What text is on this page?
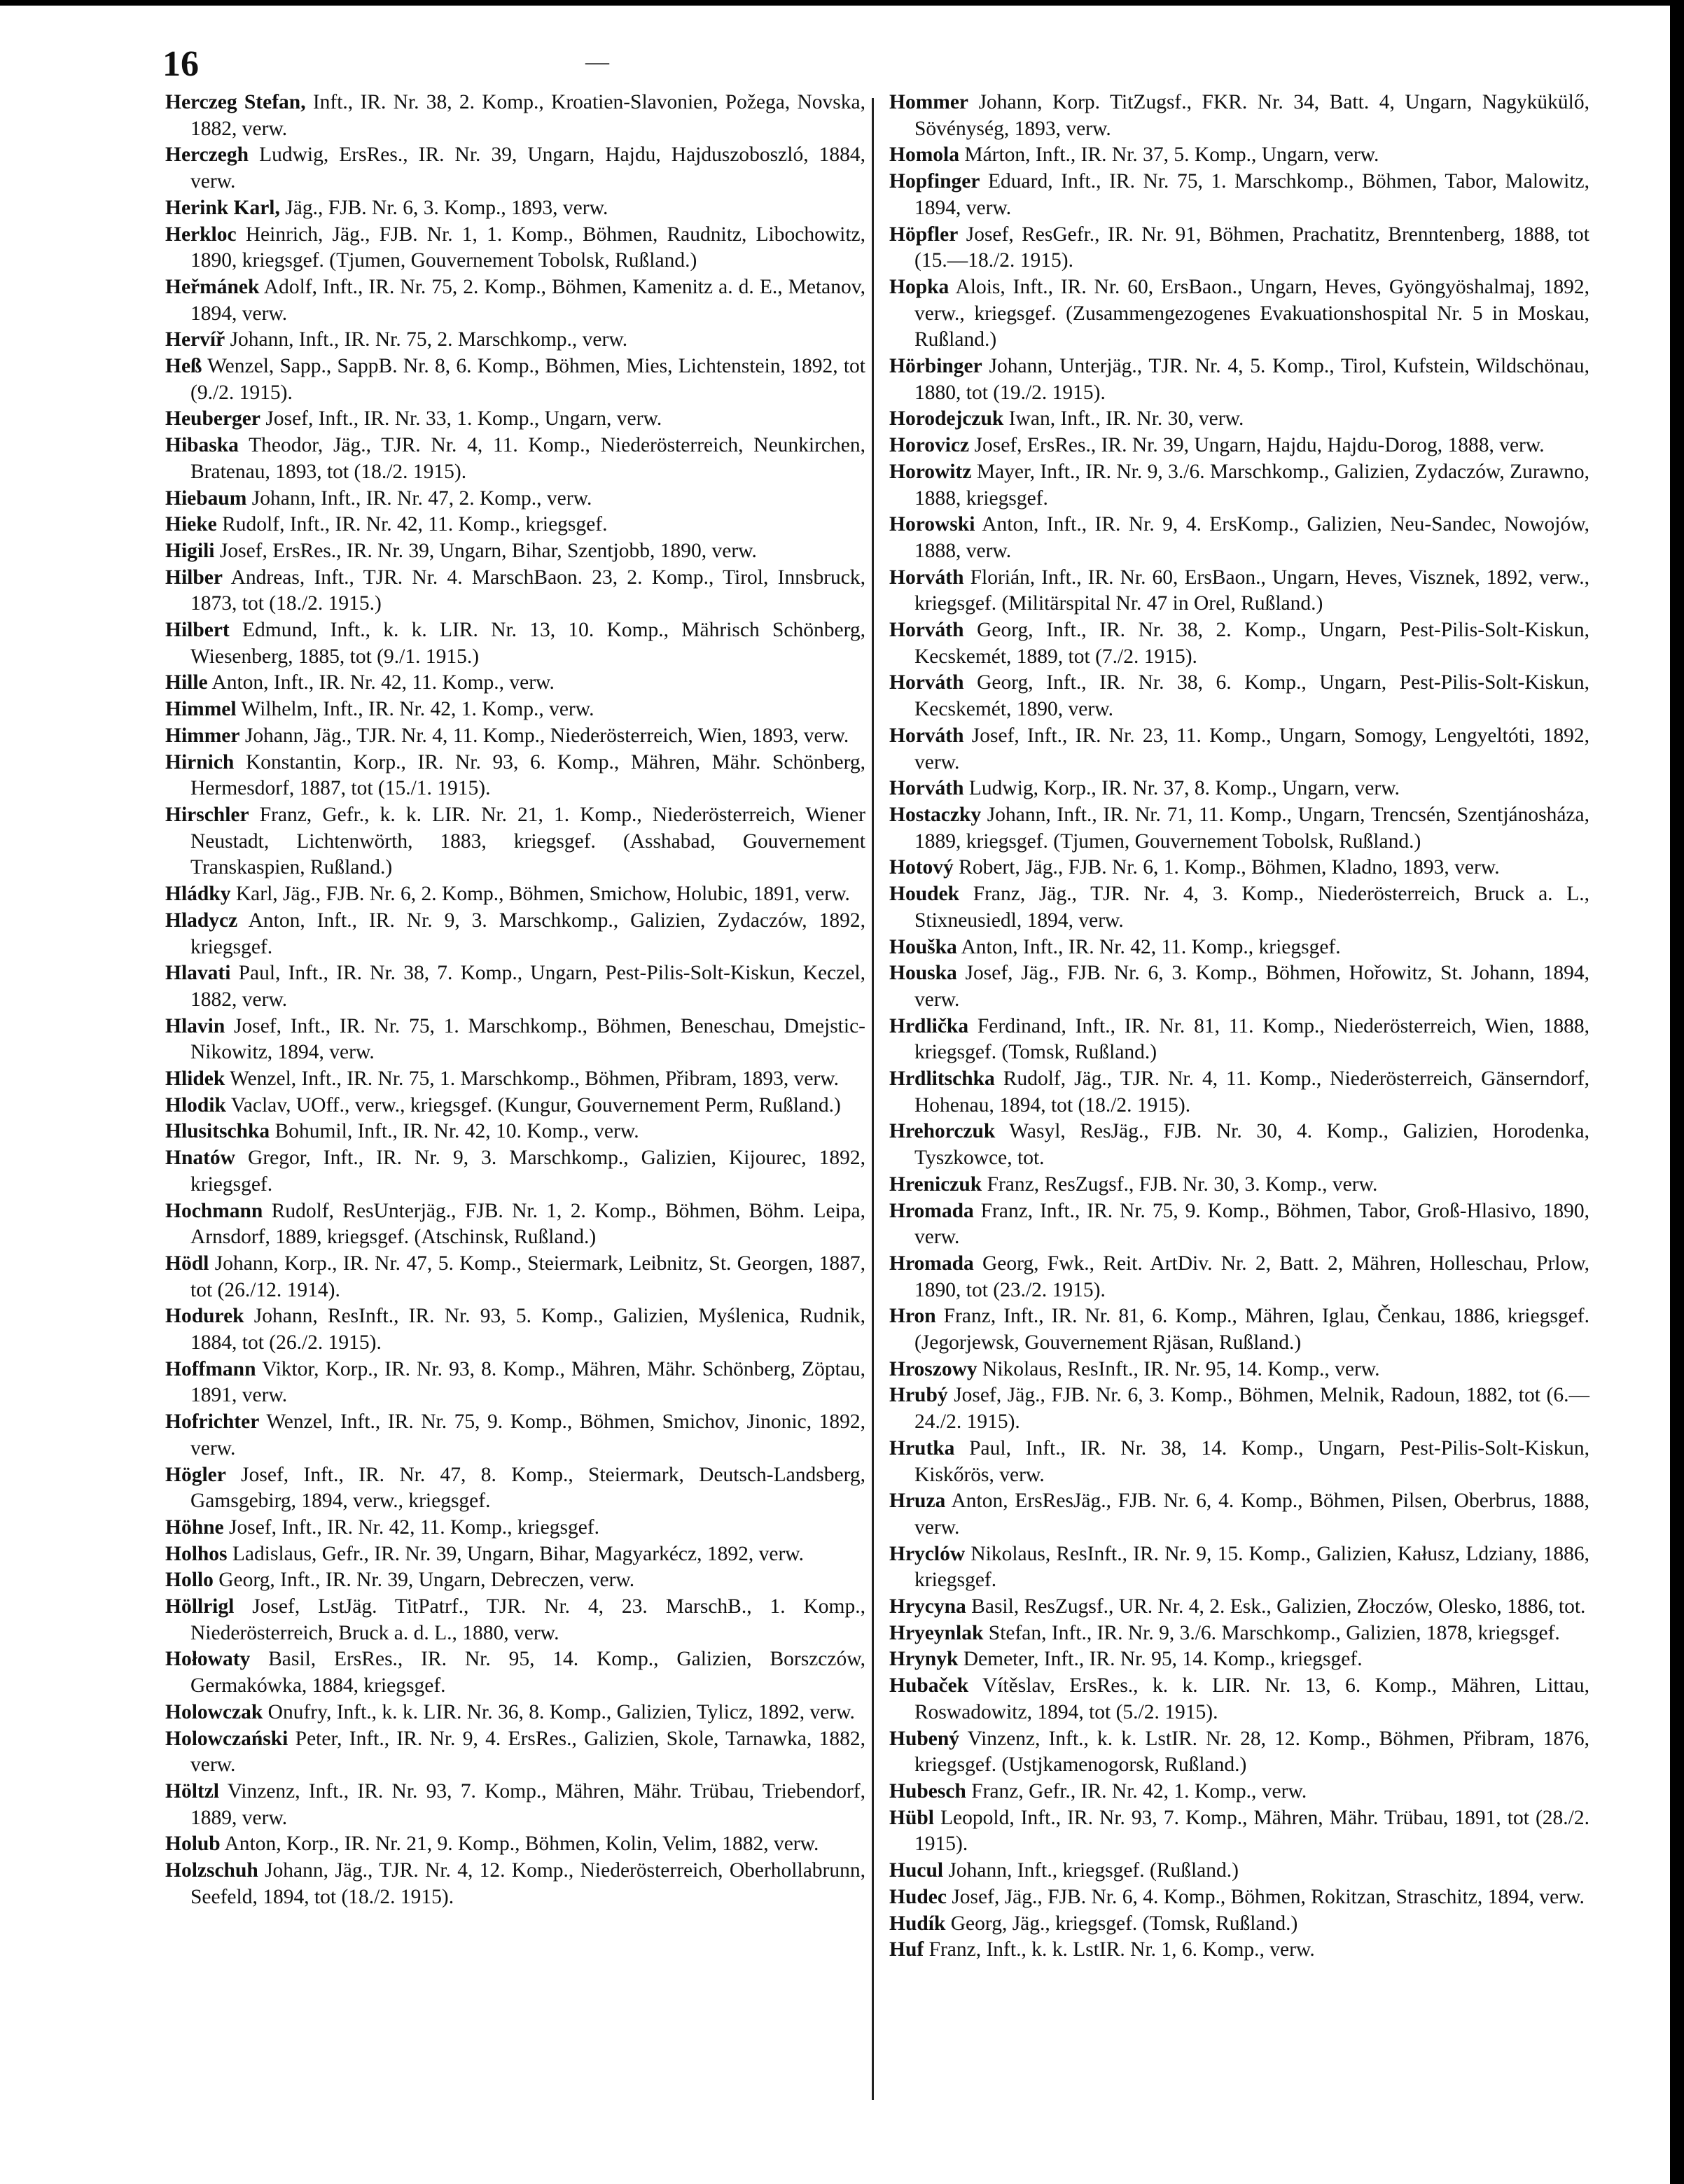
16	—
Herczeg Stefan, Inft., IR. Nr. 38, 2. Komp., Kroatien-Slavonien, Požega, Novska, 1882, verw.
Herczegh Ludwig, ErsRes., IR. Nr. 39, Ungarn, Hajdu, Hajduszoboszló, 1884, verw.
Herink Karl, Jäg., FJB. Nr. 6, 3. Komp., 1893, verw.
Herkloc Heinrich, Jäg., FJB. Nr. 1, 1. Komp., Böhmen, Raudnitz, Libochowitz, 1890, kriegsgef. (Tjumen, Gouvernement Tobolsk, Rußland.)
Heřmánek Adolf, Inft., IR. Nr. 75, 2. Komp., Böhmen, Kamenitz a. d. E., Metanov, 1894, verw.
Hervíř Johann, Inft., IR. Nr. 75, 2. Marschkomp., verw.
Heß Wenzel, Sapp., SappB. Nr. 8, 6. Komp., Böhmen, Mies, Lichtenstein, 1892, tot (9./2. 1915).
Heuberger Josef, Inft., IR. Nr. 33, 1. Komp., Ungarn, verw.
Hibaska Theodor, Jäg., TJR. Nr. 4, 11. Komp., Niederösterreich, Neunkirchen, Bratenau, 1893, tot (18./2. 1915).
Hiebaum Johann, Inft., IR. Nr. 47, 2. Komp., verw.
Hieke Rudolf, Inft., IR. Nr. 42, 11. Komp., kriegsgef.
Higili Josef, ErsRes., IR. Nr. 39, Ungarn, Bihar, Szentjobb, 1890, verw.
Hilber Andreas, Inft., TJR. Nr. 4. MarschBaon. 23, 2. Komp., Tirol, Innsbruck, 1873, tot (18./2. 1915.)
Hilbert Edmund, Inft., k. k. LIR. Nr. 13, 10. Komp., Mährisch Schönberg, Wiesenberg, 1885, tot (9./1. 1915.)
Hille Anton, Inft., IR. Nr. 42, 11. Komp., verw.
Himmel Wilhelm, Inft., IR. Nr. 42, 1. Komp., verw.
Himmer Johann, Jäg., TJR. Nr. 4, 11. Komp., Niederösterreich, Wien, 1893, verw.
Hirnich Konstantin, Korp., IR. Nr. 93, 6. Komp., Mähren, Mähr. Schönberg, Hermesdorf, 1887, tot (15./1. 1915).
Hirschler Franz, Gefr., k. k. LIR. Nr. 21, 1. Komp., Niederösterreich, Wiener Neustadt, Lichtenwörth, 1883, kriegsgef. (Asshabad, Gouvernement Transkaspien, Rußland.)
Hládky Karl, Jäg., FJB. Nr. 6, 2. Komp., Böhmen, Smichow, Holubic, 1891, verw.
Hladycz Anton, Inft., IR. Nr. 9, 3. Marschkomp., Galizien, Zydaczów, 1892, kriegsgef.
Hlavati Paul, Inft., IR. Nr. 38, 7. Komp., Ungarn, Pest-Pilis-Solt-Kiskun, Keczel, 1882, verw.
Hlavin Josef, Inft., IR. Nr. 75, 1. Marschkomp., Böhmen, Beneschau, Dmejstic-Nikowitz, 1894, verw.
Hlidek Wenzel, Inft., IR. Nr. 75, 1. Marschkomp., Böhmen, Přibram, 1893, verw.
Hlodik Vaclav, UOff., verw., kriegsgef. (Kungur, Gouvernement Perm, Rußland.)
Hlusitschka Bohumil, Inft., IR. Nr. 42, 10. Komp., verw.
Hnatów Gregor, Inft., IR. Nr. 9, 3. Marschkomp., Galizien, Kijourec, 1892, kriegsgef.
Hochmann Rudolf, ResUnterjäg., FJB. Nr. 1, 2. Komp., Böhmen, Böhm. Leipa, Arnsdorf, 1889, kriegsgef. (Atschinsk, Rußland.)
Hödl Johann, Korp., IR. Nr. 47, 5. Komp., Steiermark, Leibnitz, St. Georgen, 1887, tot (26./12. 1914).
Hodurek Johann, ResInft., IR. Nr. 93, 5. Komp., Galizien, Myślenica, Rudnik, 1884, tot (26./2. 1915).
Hoffmann Viktor, Korp., IR. Nr. 93, 8. Komp., Mähren, Mähr. Schönberg, Zöptau, 1891, verw.
Hofrichter Wenzel, Inft., IR. Nr. 75, 9. Komp., Böhmen, Smichov, Jinonic, 1892, verw.
Högler Josef, Inft., IR. Nr. 47, 8. Komp., Steiermark, Deutsch-Landsberg, Gamsgebirg, 1894, verw., kriegsgef.
Höhne Josef, Inft., IR. Nr. 42, 11. Komp., kriegsgef.
Holhos Ladislaus, Gefr., IR. Nr. 39, Ungarn, Bihar, Magyarkécz, 1892, verw.
Hollo Georg, Inft., IR. Nr. 39, Ungarn, Debreczen, verw.
Höllrigl Josef, LstJäg. TitPatrf., TJR. Nr. 4, 23. MarschB., 1. Komp., Niederösterreich, Bruck a. d. L., 1880, verw.
Hołowaty Basil, ErsRes., IR. Nr. 95, 14. Komp., Galizien, Borszczów, Germakówka, 1884, kriegsgef.
Holowczak Onufry, Inft., k. k. LIR. Nr. 36, 8. Komp., Galizien, Tylicz, 1892, verw.
Holowczański Peter, Inft., IR. Nr. 9, 4. ErsRes., Galizien, Skole, Tarnawka, 1882, verw.
Höltzl Vinzenz, Inft., IR. Nr. 93, 7. Komp., Mähren, Mähr. Trübau, Triebendorf, 1889, verw.
Holub Anton, Korp., IR. Nr. 21, 9. Komp., Böhmen, Kolin, Velim, 1882, verw.
Holzschuh Johann, Jäg., TJR. Nr. 4, 12. Komp., Niederösterreich, Oberhollabrunn, Seefeld, 1894, tot (18./2. 1915).
Hommer Johann, Korp. TitZugsf., FKR. Nr. 34, Batt. 4, Ungarn, Nagykükülő, Sövénység, 1893, verw.
Homola Márton, Inft., IR. Nr. 37, 5. Komp., Ungarn, verw.
Hopfinger Eduard, Inft., IR. Nr. 75, 1. Marschkomp., Böhmen, Tabor, Malowitz, 1894, verw.
Höpfler Josef, ResGefr., IR. Nr. 91, Böhmen, Prachatitz, Brenntenberg, 1888, tot (15.—18./2. 1915).
Hopka Alois, Inft., IR. Nr. 60, ErsBaon., Ungarn, Heves, Gyöngyöshalmaj, 1892, verw., kriegsgef. (Zusammengezogenes Evakuationshospital Nr. 5 in Moskau, Rußland.)
Hörbinger Johann, Unterjäg., TJR. Nr. 4, 5. Komp., Tirol, Kufstein, Wildschönau, 1880, tot (19./2. 1915).
Horodejczuk Iwan, Inft., IR. Nr. 30, verw.
Horovicz Josef, ErsRes., IR. Nr. 39, Ungarn, Hajdu, Hajdu-Dorog, 1888, verw.
Horowitz Mayer, Inft., IR. Nr. 9, 3./6. Marschkomp., Galizien, Zydaczów, Zurawno, 1888, kriegsgef.
Horowski Anton, Inft., IR. Nr. 9, 4. ErsKomp., Galizien, Neu-Sandec, Nowojów, 1888, verw.
Horváth Florián, Inft., IR. Nr. 60, ErsBaon., Ungarn, Heves, Visznek, 1892, verw., kriegsgef. (Militärspital Nr. 47 in Orel, Rußland.)
Horváth Georg, Inft., IR. Nr. 38, 2. Komp., Ungarn, Pest-Pilis-Solt-Kiskun, Kecskemét, 1889, tot (7./2. 1915).
Horváth Georg, Inft., IR. Nr. 38, 6. Komp., Ungarn, Pest-Pilis-Solt-Kiskun, Kecskemét, 1890, verw.
Horváth Josef, Inft., IR. Nr. 23, 11. Komp., Ungarn, Somogy, Lengyeltóti, 1892, verw.
Horváth Ludwig, Korp., IR. Nr. 37, 8. Komp., Ungarn, verw.
Hostaczky Johann, Inft., IR. Nr. 71, 11. Komp., Ungarn, Trencsén, Szentjánosháza, 1889, kriegsgef. (Tjumen, Gouvernement Tobolsk, Rußland.)
Hotový Robert, Jäg., FJB. Nr. 6, 1. Komp., Böhmen, Kladno, 1893, verw.
Houdek Franz, Jäg., TJR. Nr. 4, 3. Komp., Niederösterreich, Bruck a. L., Stixneusiedl, 1894, verw.
Houška Anton, Inft., IR. Nr. 42, 11. Komp., kriegsgef.
Houska Josef, Jäg., FJB. Nr. 6, 3. Komp., Böhmen, Hořowitz, St. Johann, 1894, verw.
Hrdlička Ferdinand, Inft., IR. Nr. 81, 11. Komp., Niederösterreich, Wien, 1888, kriegsgef. (Tomsk, Rußland.)
Hrdlitschka Rudolf, Jäg., TJR. Nr. 4, 11. Komp., Niederösterreich, Gänserndorf, Hohenau, 1894, tot (18./2. 1915).
Hrehorczuk Wasyl, ResJäg., FJB. Nr. 30, 4. Komp., Galizien, Horodenka, Tyszkowce, tot.
Hreniczuk Franz, ResZugsf., FJB. Nr. 30, 3. Komp., verw.
Hromada Franz, Inft., IR. Nr. 75, 9. Komp., Böhmen, Tabor, Groß-Hlasivo, 1890, verw.
Hromada Georg, Fwk., Reit. ArtDiv. Nr. 2, Batt. 2, Mähren, Holleschau, Prlow, 1890, tot (23./2. 1915).
Hron Franz, Inft., IR. Nr. 81, 6. Komp., Mähren, Iglau, Čenkau, 1886, kriegsgef. (Jegorjewsk, Gouvernement Rjäsan, Rußland.)
Hroszowy Nikolaus, ResInft., IR. Nr. 95, 14. Komp., verw.
Hrubý Josef, Jäg., FJB. Nr. 6, 3. Komp., Böhmen, Melnik, Radoun, 1882, tot (6.—24./2. 1915).
Hrutka Paul, Inft., IR. Nr. 38, 14. Komp., Ungarn, Pest-Pilis-Solt-Kiskun, Kiskőrös, verw.
Hruza Anton, ErsResJäg., FJB. Nr. 6, 4. Komp., Böhmen, Pilsen, Oberbrus, 1888, verw.
Hryclów Nikolaus, ResInft., IR. Nr. 9, 15. Komp., Galizien, Kałusz, Ldziany, 1886, kriegsgef.
Hrycyna Basil, ResZugsf., UR. Nr. 4, 2. Esk., Galizien, Złoczów, Olesko, 1886, tot.
Hryeynlak Stefan, Inft., IR. Nr. 9, 3./6. Marschkomp., Galizien, 1878, kriegsgef.
Hrynyk Demeter, Inft., IR. Nr. 95, 14. Komp., kriegsgef.
Hubaček Vítěslav, ErsRes., k. k. LIR. Nr. 13, 6. Komp., Mähren, Littau, Roswadowitz, 1894, tot (5./2. 1915).
Hubený Vinzenz, Inft., k. k. LstIR. Nr. 28, 12. Komp., Böhmen, Přibram, 1876, kriegsgef. (Ustjkamenogorsk, Rußland.)
Hubesch Franz, Gefr., IR. Nr. 42, 1. Komp., verw.
Hübl Leopold, Inft., IR. Nr. 93, 7. Komp., Mähren, Mähr. Trübau, 1891, tot (28./2. 1915).
Hucul Johann, Inft., kriegsgef. (Rußland.)
Hudec Josef, Jäg., FJB. Nr. 6, 4. Komp., Böhmen, Rokitzan, Straschitz, 1894, verw.
Hudík Georg, Jäg., kriegsgef. (Tomsk, Rußland.)
Huf Franz, Inft., k. k. LstIR. Nr. 1, 6. Komp., verw.
